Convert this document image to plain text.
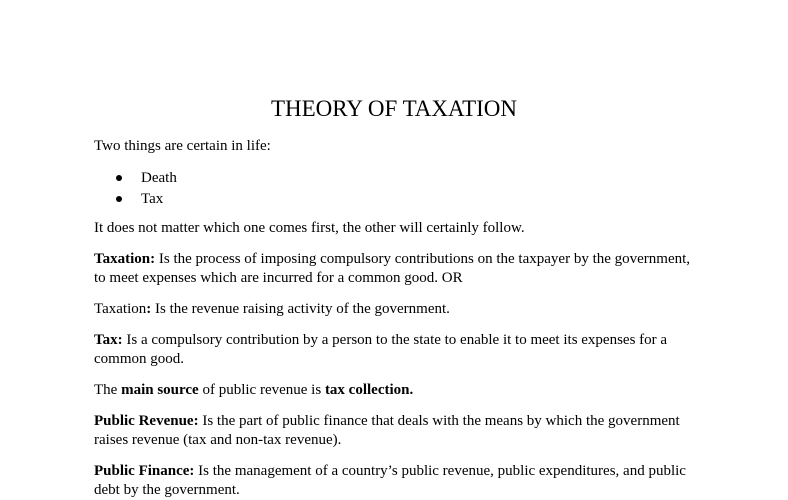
THEORY OF TAXATION

Two things are certain in life:

Death
Tax

It does not matter which one comes first, the other will certainly follow.

Taxation: Is the process of imposing compulsory contributions on the taxpayer by the government, to meet expenses which are incurred for a common good. OR

Taxation: Is the revenue raising activity of the government.

Tax: Is a compulsory contribution by a person to the state to enable it to meet its expenses for a common good.

The main source of public revenue is tax collection.

Public Revenue: Is the part of public finance that deals with the means by which the government raises revenue (tax and non-tax revenue).

Public Finance: Is the management of a country’s public revenue, public expenditures, and public debt by the government.
